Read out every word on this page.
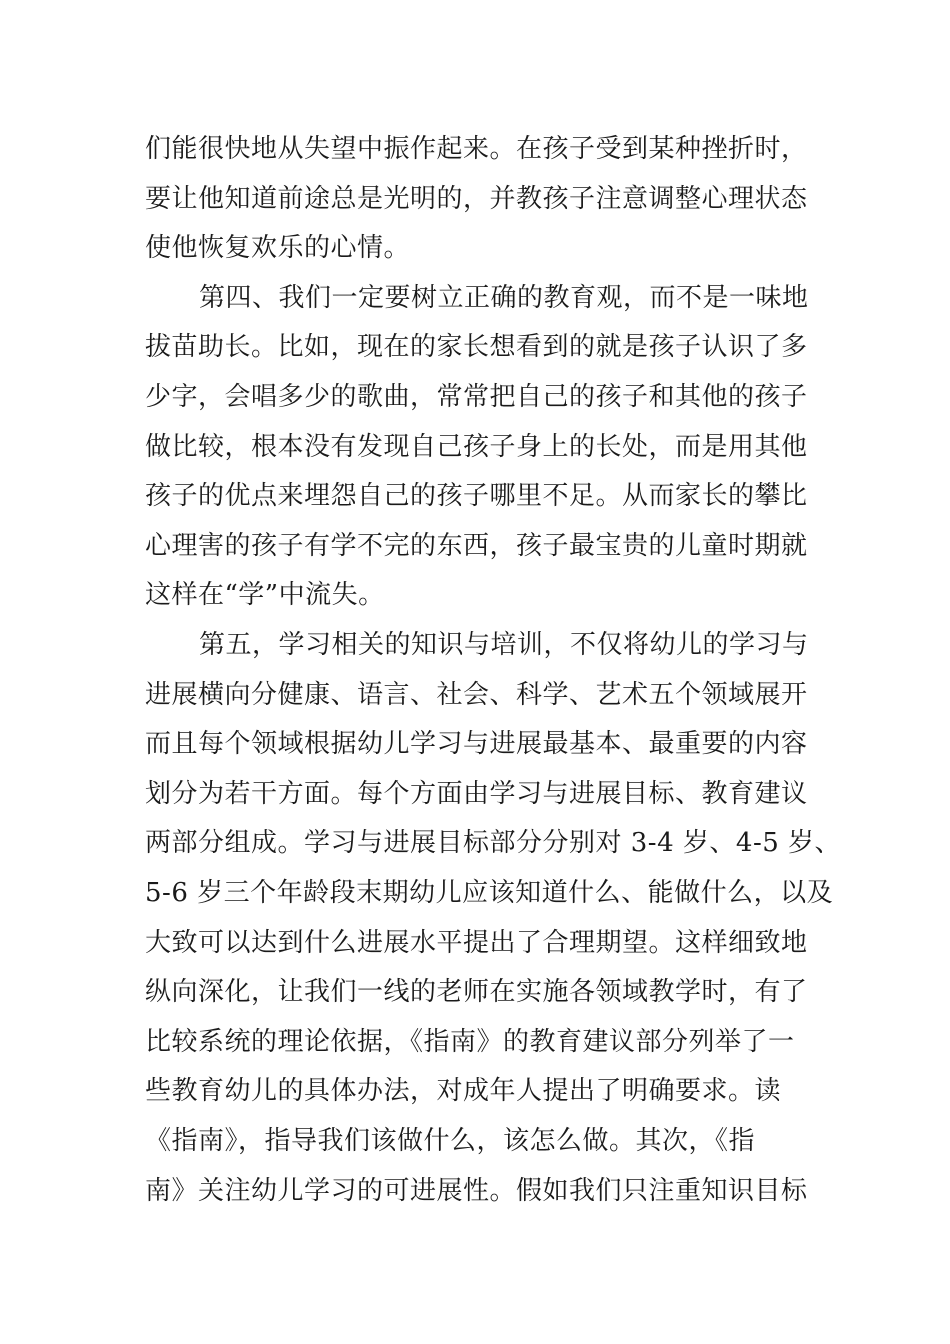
们能很快地从失望中振作起来。在孩子受到某种挫折时，
要让他知道前途总是光明的，并教孩子注意调整心理状态
使他恢复欢乐的心情。
第四、我们一定要树立正确的教育观，而不是一味地
拔苗助长。比如，现在的家长想看到的就是孩子认识了多
少字，会唱多少的歌曲，常常把自己的孩子和其他的孩子
做比较，根本没有发现自己孩子身上的长处，而是用其他
孩子的优点来埋怨自己的孩子哪里不足。从而家长的攀比
心理害的孩子有学不完的东西，孩子最宝贵的儿童时期就
这样在“学”中流失。
第五，学习相关的知识与培训，不仅将幼儿的学习与
进展横向分健康、语言、社会、科学、艺术五个领域展开
而且每个领域根据幼儿学习与进展最基本、最重要的内容
划分为若干方面。每个方面由学习与进展目标、教育建议
两部分组成。学习与进展目标部分分别对 3-4 岁、4-5 岁、
5-6 岁三个年龄段末期幼儿应该知道什么、能做什么，以及
大致可以达到什么进展水平提出了合理期望。这样细致地
纵向深化，让我们一线的老师在实施各领域教学时，有了
比较系统的理论依据，《指南》的教育建议部分列举了一
些教育幼儿的具体办法，对成年人提出了明确要求。读
《指南》，指导我们该做什么，该怎么做。其次，《指
南》关注幼儿学习的可进展性。假如我们只注重知识目标
